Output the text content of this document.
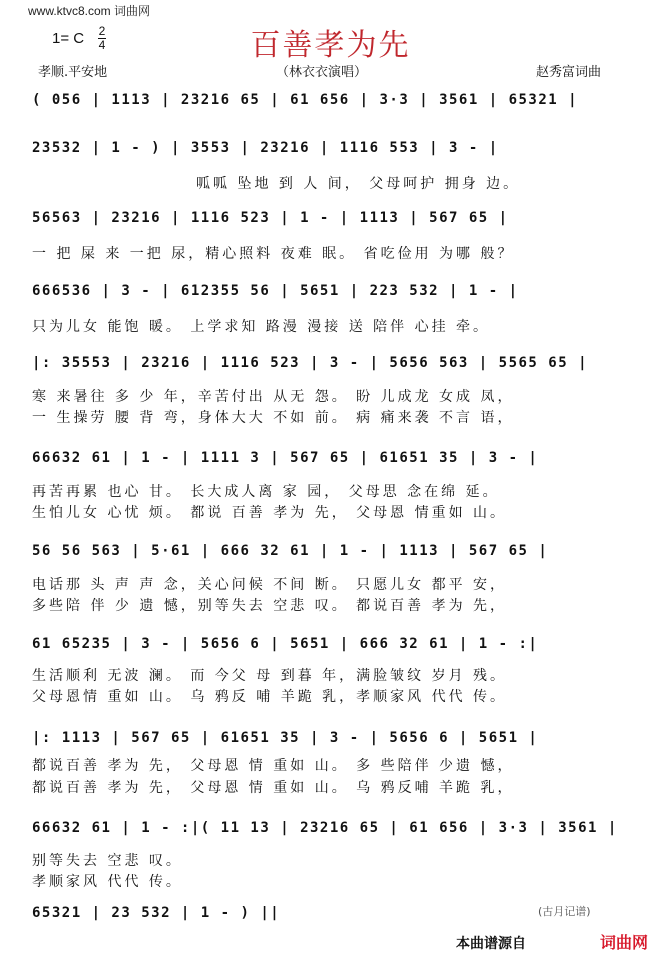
www.ktvc8.com 词曲网
1= C 2
4	百善孝为先
孝顺.平安地	（林衣衣演唱）	赵秀富词曲
( 056 | 1113 | 23216 65 | 61 656 | 3·3 | 3561 | 65321 |
23532 | 1 - ) | 3553 | 23216 | 1116 553 | 3 - |
呱呱 坠地 到 人 间， 父母呵护 拥身 边。
56563 | 23216 | 1116 523 | 1 - | 1113 | 567 65 |
一 把 屎 来 一把 尿，精心照料 夜难 眠。 省吃俭用 为哪 般？
666536 | 3 - | 612355 56 | 5651 | 223 532 | 1 - |
只为儿女 能饱 暖。 上学求知 路漫 漫接 送 陪伴 心挂 牵。
|: 35553 | 23216 | 1116 523 | 3 - | 5656 563 | 5565 65 |
寒 来暑往 多 少 年，辛苦付出 从无 怨。 盼 儿成龙 女成 凤，
一 生操劳 腰 背 弯，身体大大 不如 前。 病 痛来袭 不言 语，
66632 61 | 1 - | 1111 3 | 567 65 | 61651 35 | 3 - |
再苦再累 也心 甘。 长大成人离 家 园， 父母思 念在绵 延。
生怕儿女 心忧 烦。 都说 百善 孝为 先， 父母恩 情重如 山。
56 56 563 | 5·61 | 666 32 61 | 1 - | 1113 | 567 65 |
电话那 头 声 声 念，关心问候 不间 断。 只愿儿女 都平 安，
多些陪 伴 少 遗 憾，别等失去 空悲 叹。 都说百善 孝为 先，
61 65235 | 3 - | 5656 6 | 5651 | 666 32 61 | 1 - :|
生活顺利 无波 澜。 而 今父 母 到暮 年，满脸皱纹 岁月 残。
父母恩情 重如 山。 乌 鸦反 哺 羊跪 乳，孝顺家风 代代 传。
|: 1113 | 567 65 | 61651 35 | 3 - | 5656 6 | 5651 |
都说百善 孝为 先， 父母恩 情 重如 山。 多 些陪伴 少遗 憾，
都说百善 孝为 先， 父母恩 情 重如 山。 乌 鸦反哺 羊跪 乳，
66632 61 | 1 - :|( 11 13 | 23216 65 | 61 656 | 3·3 | 3561 |
别等失去 空悲 叹。
孝顺家风 代代 传。
65321 | 23 532 | 1 - ) ||	(古月记谱)
本曲谱源自	词曲网
